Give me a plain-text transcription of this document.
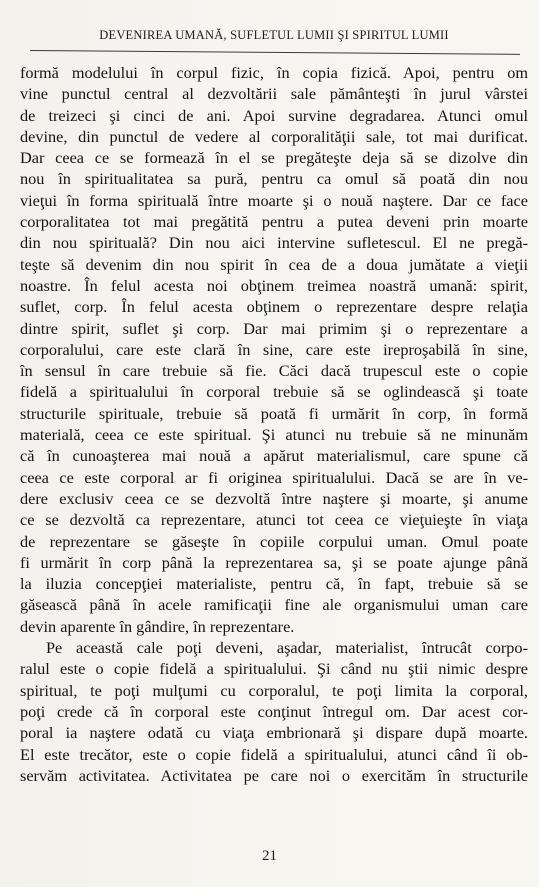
DEVENIREA UMANĂ, SUFLETUL LUMII ŞI SPIRITUL LUMII
formă modelului în corpul fizic, în copia fizică. Apoi, pentru om
vine punctul central al dezvoltării sale pământeşti în jurul vârstei
de treizeci şi cinci de ani. Apoi survine degradarea. Atunci omul
devine, din punctul de vedere al corporalităţii sale, tot mai durificat.
Dar ceea ce se formează în el se pregăteşte deja să se dizolve din
nou în spiritualitatea sa pură, pentru ca omul să poată din nou
vieţui în forma spirituală între moarte şi o nouă naştere. Dar ce face
corporalitatea tot mai pregătită pentru a putea deveni prin moarte
din nou spirituală? Din nou aici intervine sufletescul. El ne pregă-
teşte să devenim din nou spirit în cea de a doua jumătate a vieţii
noastre. În felul acesta noi obţinem treimea noastră umană: spirit,
suflet, corp. În felul acesta obţinem o reprezentare despre relaţia
dintre spirit, suflet şi corp. Dar mai primim şi o reprezentare a
corporalului, care este clară în sine, care este ireproşabilă în sine,
în sensul în care trebuie să fie. Căci dacă trupescul este o copie
fidelă a spiritualului în corporal trebuie să se oglindească şi toate
structurile spirituale, trebuie să poată fi urmărit în corp, în formă
materială, ceea ce este spiritual. Şi atunci nu trebuie să ne minunăm
că în cunoaşterea mai nouă a apărut materialismul, care spune că
ceea ce este corporal ar fi originea spiritualului. Dacă se are în ve-
dere exclusiv ceea ce se dezvoltă între naştere şi moarte, şi anume
ce se dezvoltă ca reprezentare, atunci tot ceea ce vieţuieşte în viaţa
de reprezentare se găseşte în copiile corpului uman. Omul poate
fi urmărit în corp până la reprezentarea sa, şi se poate ajunge până
la iluzia concepţiei materialiste, pentru că, în fapt, trebuie să se
găsească până în acele ramificaţii fine ale organismului uman care
devin aparente în gândire, în reprezentare.
Pe această cale poţi deveni, aşadar, materialist, întrucât corpo-
ralul este o copie fidelă a spiritualului. Şi când nu ştii nimic despre
spiritual, te poţi mulţumi cu corporalul, te poţi limita la corporal,
poţi crede că în corporal este conţinut întregul om. Dar acest cor-
poral ia naştere odată cu viaţa embrionară şi dispare după moarte.
El este trecător, este o copie fidelă a spiritualului, atunci când îi ob-
servăm activitatea. Activitatea pe care noi o exercităm în structurile
21
